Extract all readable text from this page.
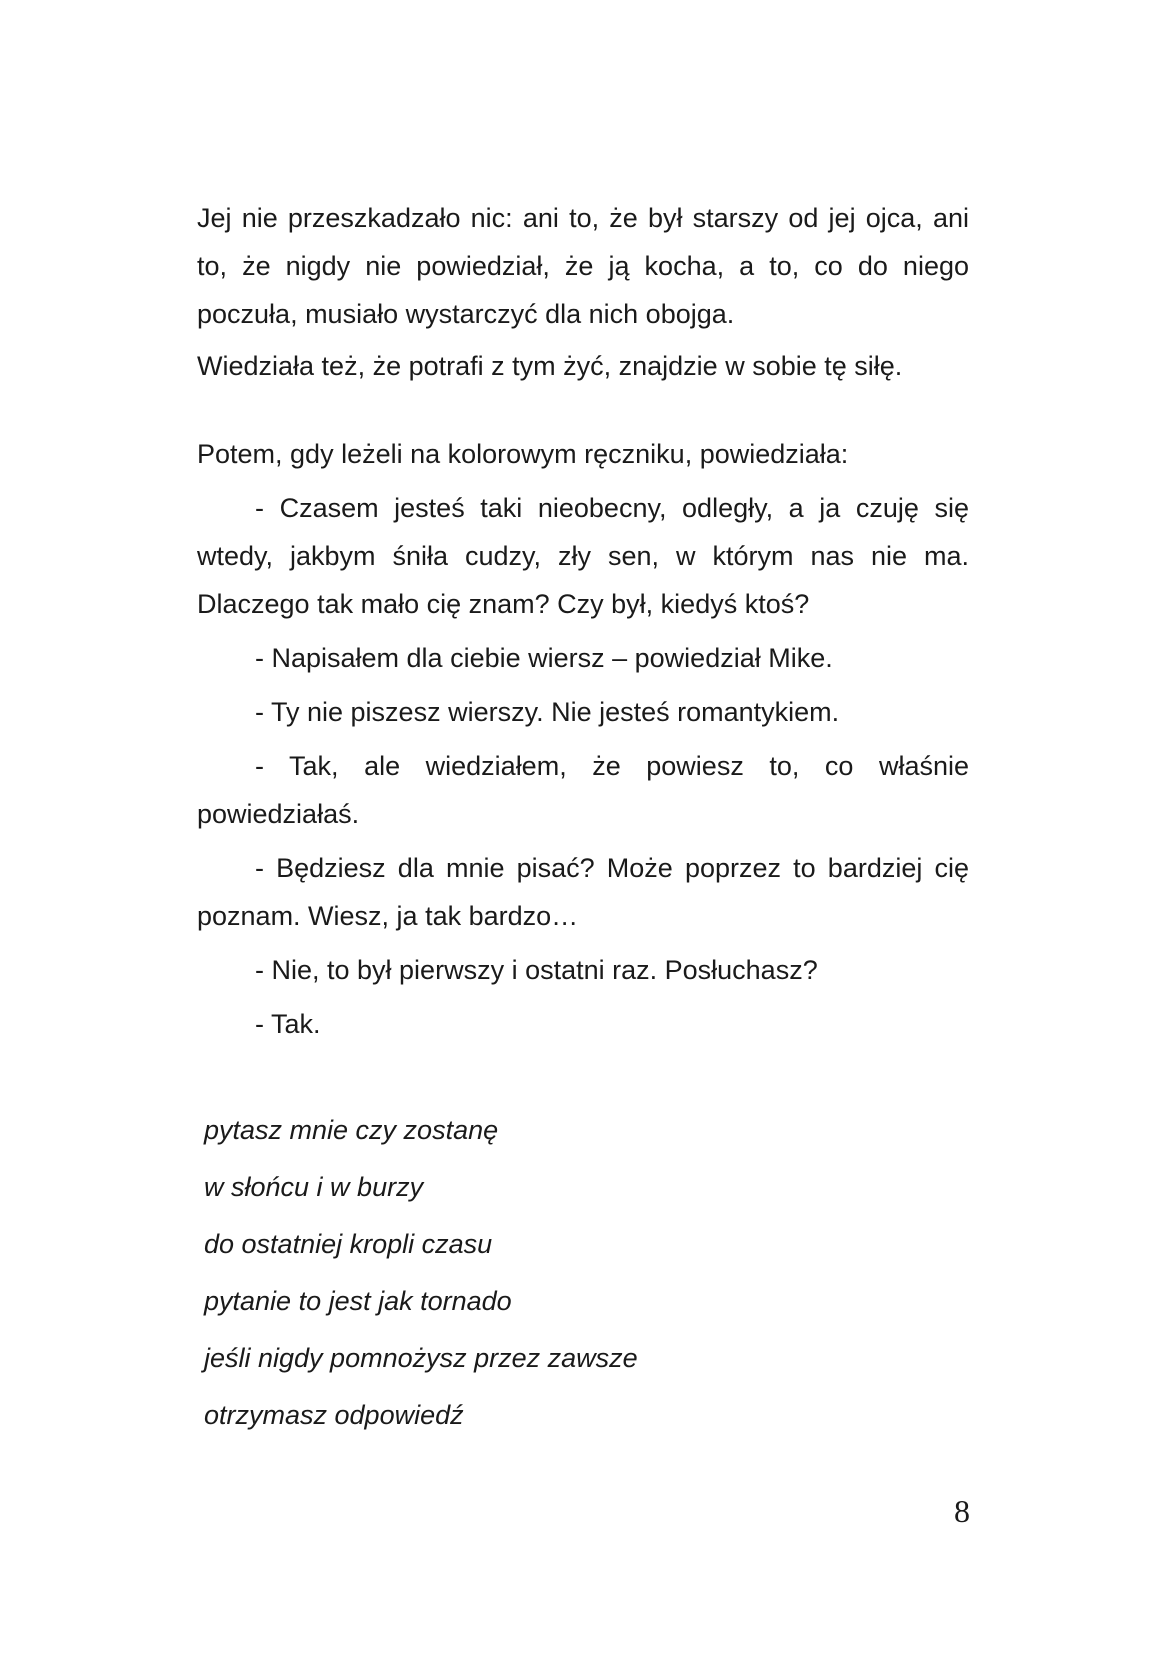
Jej nie przeszkadzało nic: ani to, że był starszy od jej ojca, ani to, że nigdy nie powiedział, że ją kocha, a to, co do niego poczuła, musiało wystarczyć dla nich obojga.

Wiedziała też, że potrafi z tym żyć, znajdzie w sobie tę siłę.

Potem, gdy leżeli na kolorowym ręczniku, powiedziała:

- Czasem jesteś taki nieobecny, odległy, a ja czuję się wtedy, jakbym śniła cudzy, zły sen, w którym nas nie ma. Dlaczego tak mało cię znam? Czy był, kiedyś ktoś?

- Napisałem dla ciebie wiersz – powiedział Mike.

- Ty nie piszesz wierszy. Nie jesteś romantykiem.

- Tak, ale wiedziałem, że powiesz to, co właśnie powiedziałaś.

- Będziesz dla mnie pisać? Może poprzez to bardziej cię poznam. Wiesz, ja tak bardzo…

- Nie, to był pierwszy i ostatni raz. Posłuchasz?

- Tak.

pytasz mnie czy zostanę
w słońcu i w burzy
do ostatniej kropli czasu
pytanie to jest jak tornado
jeśli nigdy pomnożysz przez zawsze
otrzymasz odpowiedź
8
